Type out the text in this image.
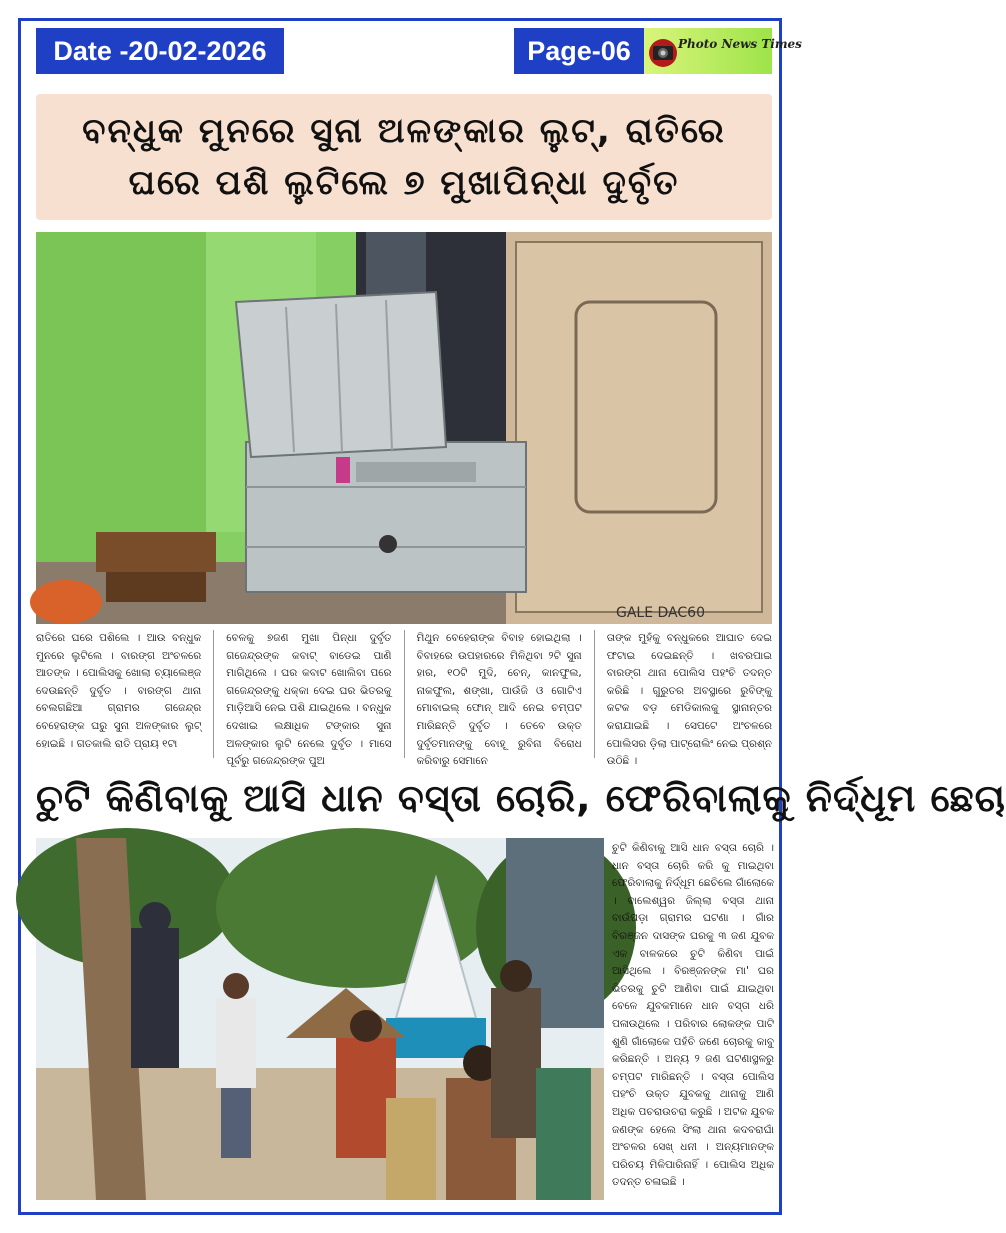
Date -20-02-2026	Page-06	Photo News Times
ବନ୍ଧୁକ ମୁନରେ ସୁନା ଅଳଙ୍କାର ଲୁଟ୍, ରାତିରେ
ଘରେ ପଶି ଲୁଟିଲେ ୭ ମୁଖାପିନ୍ଧା ଦୁର୍ବୃତ
GALE DAC60
ରାତିରେ ଘରେ ପଶିଲେ । ଆଉ ବନ୍ଧୁକ ମୁନରେ ଲୁଟିଲେ । ବାରଙ୍ଗ ଅଂଚଳରେ ଆତଙ୍କ । ପୋଲିସକୁ ଖୋଲା ଚ୍ୟାଲେଞ୍ଜ ଦେଉଛନ୍ତି ଦୁର୍ବୃତ । ବାରଙ୍ଗ ଥାନା ବେଲଗଛିଆ ଗ୍ରାମର ଗଜେନ୍ଦ୍ର ବେହେରାଙ୍କ ଘରୁ ସୁନା ଅଳଙ୍କାର ଲୁଟ୍ ହୋଇଛି । ଗତକାଲି ରାତି ପ୍ରାୟ ୧ଟା
ବେଳକୁ ୭ଜଣ ମୁଖା ପିନ୍ଧା ଦୁର୍ବୃତ ଗଜେନ୍ଦ୍ରଙ୍କ କବାଟ୍ ବାଡେଇ ପାଣି ମାଗିଥିଲେ । ଘର କବାଟ ଖୋଲିବା ପରେ ଗଜେନ୍ଦ୍ରଙ୍କୁ ଧକ୍କା ଦେଇ ଘର ଭିତରକୁ ମାଡ଼ିଆସି ନେଇ ପଶି ଯାଇଥିଲେ । ବନ୍ଧୁକ ଦେଖାଇ ଲକ୍ଷାଧିକ ଟଙ୍କାର ସୁନା ଅଳଙ୍କାର ଲୁଟି ନେଲେ ଦୁର୍ବୃତ । ମାସେ ପୂର୍ବରୁ ଗଜେନ୍ଦ୍ରଙ୍କ ପୁଅ
ମିଥୁନ ବେହେରାଙ୍କ ବିବାହ ହୋଇଥିଲା । ବିବାହରେ ଉପହାରରେ ମିଳିଥିବା ୨ଟି ସୁନା ହାର, ୧୦ଟି ମୁଦି, ଚେନ୍, କାନଫୁଲ, ନାକଫୁଲ, ଶଙ୍ଖା, ପାଉଁଜି ଓ ଗୋଟିଏ ମୋବାଇଲ୍ ଫୋନ୍ ଆଦି ନେଇ ଚମ୍ପଟ ମାରିଛନ୍ତି ଦୁର୍ବୃତ । ତେବେ ଉକ୍ତ ଦୁର୍ବୃତମାନଙ୍କୁ ବୋହୂ ରୁବିନା ବିରୋଧ କରିବାରୁ ସେମାନେ
ତାଙ୍କ ମୁହଁକୁ ବନ୍ଧୁକରେ ଆଘାତ ଦେଇ ଫଟାଇ ଦେଇଛନ୍ତି । ଖବରପାଇ ବାରଙ୍ଗ ଥାନା ପୋଲିସ ପହଂଚି ତଦନ୍ତ କରିଛି । ଗୁରୁତର ଅବସ୍ଥାରେ ରୁବିଙ୍କୁ କଟକ ବଡ଼ ମେଡିକାଲକୁ ସ୍ଥାନାନ୍ତର କରାଯାଇଛି । ସେପଟେ ଅଂଚଳରେ ପୋଲିସର ଡ଼ିଲା ପାଟ୍ରୋଲିଂ ନେଇ ପ୍ରଶ୍ନ ଉଠିଛି ।
ଚୁଟି କିଣିବାକୁ ଆସି ଧାନ ବସ୍ତା ଚୋରି, ଫେରିବାଲାକୁ ନିର୍ଦ୍ଧୂମ ଛେଚା
ଚୁଟି କିଣିବାକୁ ଆସି ଧାନ ବସ୍ତା ଚୋରି । ଧାନ ବସ୍ତା ଚୋରି କରି କୁ ମାଇଥିବା ଫେରିବାଲାକୁ ନିର୍ଦ୍ଧୂମ ଛେଚିଲେ ଗାଁଲୋକେ । ବାଲେଶ୍ୱର ଜିଲ୍ଲା ବସ୍ତା ଥାନା ବାଉଁପଡ଼ା ଗ୍ରାମର ଘଟଣା । ଗାଁର ବିରଞ୍ଜନ ଦାସଙ୍କ ଘରକୁ ୩ ଜଣ ଯୁବକ ଏକ ବାଳକରେ ଚୁଟି କିଣିବା ପାଇଁ ଆସିଥିଲେ । ବିରଞ୍ଜନଙ୍କ ମା' ଘର ଭିତରକୁ ଚୁଟି ଆଣିବା ପାଇଁ ଯାଇଥିବା ବେଳେ ଯୁବକମାନେ ଧାନ ବସ୍ତା ଧରି ପଳାଉଥିଲେ । ପରିବାର ଲୋକଙ୍କ ପାଟି ଶୁଣି ଗାଁଲୋକେ ପହଁଚି ଜଣେ ଚୋରକୁ କାବୁ କରିଛନ୍ତି । ଅନ୍ୟ ୨ ଜଣ ଘଟଣାସ୍ଥଳରୁ ଚମ୍ପଟ ମାରିଛନ୍ତି । ବସ୍ତା ପୋଲିସ ପହଂଚି ଉକ୍ତ ଯୁବକକୁ ଥାନାକୁ ଆଣି ଅଧିକ ପଚରାଉଚରା କରୁଛି । ଅଟକ ଯୁବକ ଜଣଙ୍କ ହେଲେ ସିଂଲା ଥାନା କଦବରାଘାଁ ଅଂଚଳର ସେଖ୍ ଧନୀ । ଅନ୍ୟମାନଙ୍କ ପରିଚୟ ମିଳିପାରିନାହିଁ । ପୋଲିସ ଅଧିକ ତଦନ୍ତ ଚଳାଇଛି ।
